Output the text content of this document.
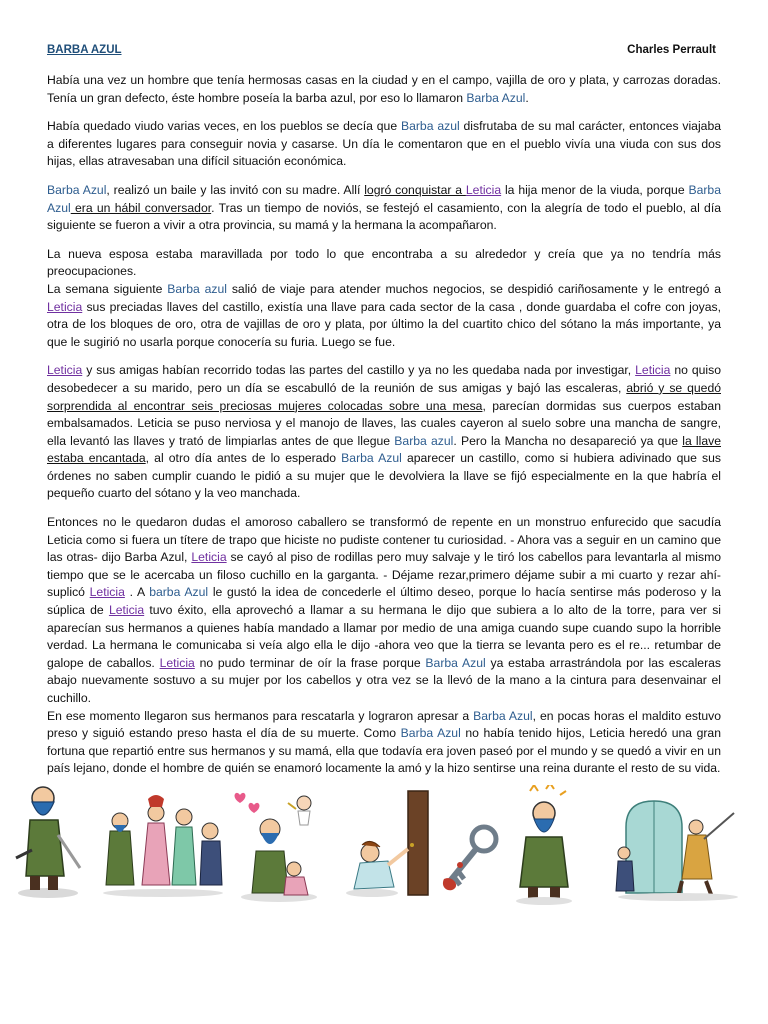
BARBA AZUL	Charles Perrault

Había una vez un hombre que tenía hermosas casas en la ciudad y en el campo, vajilla de oro y plata, y carrozas doradas. Tenía un gran defecto, éste hombre poseía la barba azul, por eso lo llamaron Barba Azul.

Había quedado viudo varias veces, en los pueblos se decía que Barba azul disfrutaba de su mal carácter, entonces viajaba a diferentes lugares para conseguir novia y casarse. Un día le comentaron que en el pueblo vivía una viuda con sus dos hijas, ellas atravesaban una difícil situación económica.

Barba Azul, realizó un baile y las invitó con su madre. Allí logró conquistar a Leticia la hija menor de la viuda, porque Barba Azul era un hábil conversador. Tras un tiempo de noviós, se festejó el casamiento, con la alegría de todo el pueblo, al día siguiente se fueron a vivir a otra provincia, su mamá y la hermana la acompañaron.

La nueva esposa estaba maravillada por todo lo que encontraba a su alrededor y creía que ya no tendría más preocupaciones.

La semana siguiente Barba azul salió de viaje para atender muchos negocios, se despidió cariñosamente y le entregó a Leticia sus preciadas llaves del castillo, existía una llave para cada sector de la casa , donde guardaba el cofre con joyas, otra de los bloques de oro, otra de vajillas de oro y plata, por último la del cuartito chico del sótano la más importante, ya que le sugirió no usarla porque conocería su furia. Luego se fue.

Leticia y sus amigas habían recorrido todas las partes del castillo y ya no les quedaba nada por investigar, Leticia no quiso desobedecer a su marido, pero un día se escabulló de la reunión de sus amigas y bajó las escaleras, abrió y se quedó sorprendida al encontrar seis preciosas mujeres colocadas sobre una mesa, parecían dormidas sus cuerpos estaban embalsamados. Leticia se puso nerviosa y el manojo de llaves, las cuales cayeron al suelo sobre una mancha de sangre, ella levantó las llaves y trató de limpiarlas antes de que llegue Barba azul. Pero la Mancha no desapareció ya que la llave estaba encantada, al otro día antes de lo esperado Barba Azul aparecer un castillo, como si hubiera adivinado que sus órdenes no saben cumplir cuando le pidió a su mujer que le devolviera la llave se fijó especialmente en la que habría el pequeño cuarto del sótano y la veo manchada.

Entonces no le quedaron dudas el amoroso caballero se transformó de repente en un monstruo enfurecido que sacudía Leticia como si fuera un títere de trapo que hiciste no pudiste contener tu curiosidad. - Ahora vas a seguir en un camino que las otras- dijo Barba Azul, Leticia se cayó al piso de rodillas pero muy salvaje y le tiró los cabellos para levantarla al mismo tiempo que se le acercaba un filoso cuchillo en la garganta. - Déjame rezar,primero déjame subir a mi cuarto y rezar ahí- suplicó Leticia . A barba Azul le gustó la idea de concederle el último deseo, porque lo hacía sentirse más poderoso y la súplica de Leticia tuvo éxito, ella aprovechó a llamar a su hermana le dijo que subiera a lo alto de la torre, para ver si aparecían sus hermanos a quienes había mandado a llamar por medio de una amiga cuando supe cuando supo la horrible verdad. La hermana le comunicaba si veía algo ella le dijo -ahora veo que la tierra se levanta pero es el re... retumbar de galope de caballos. Leticia no pudo terminar de oír la frase porque Barba Azul ya estaba arrastrándola por las escaleras abajo nuevamente sostuvo a su mujer por los cabellos y otra vez se la llevó de la mano a la cintura para desenvainar el cuchillo.

En ese momento llegaron sus hermanos para rescatarla y lograron apresar a Barba Azul, en pocas horas el maldito estuvo preso y siguió estando preso hasta el día de su muerte. Como Barba Azul no había tenido hijos, Leticia heredó una gran fortuna que repartió entre sus hermanos y su mamá, ella que todavía era joven paseó por el mundo y se quedó a vivir en un país lejano, donde el hombre de quién se enamoró locamente la amó y la hizo sentirse una reina durante el resto de su vida.
